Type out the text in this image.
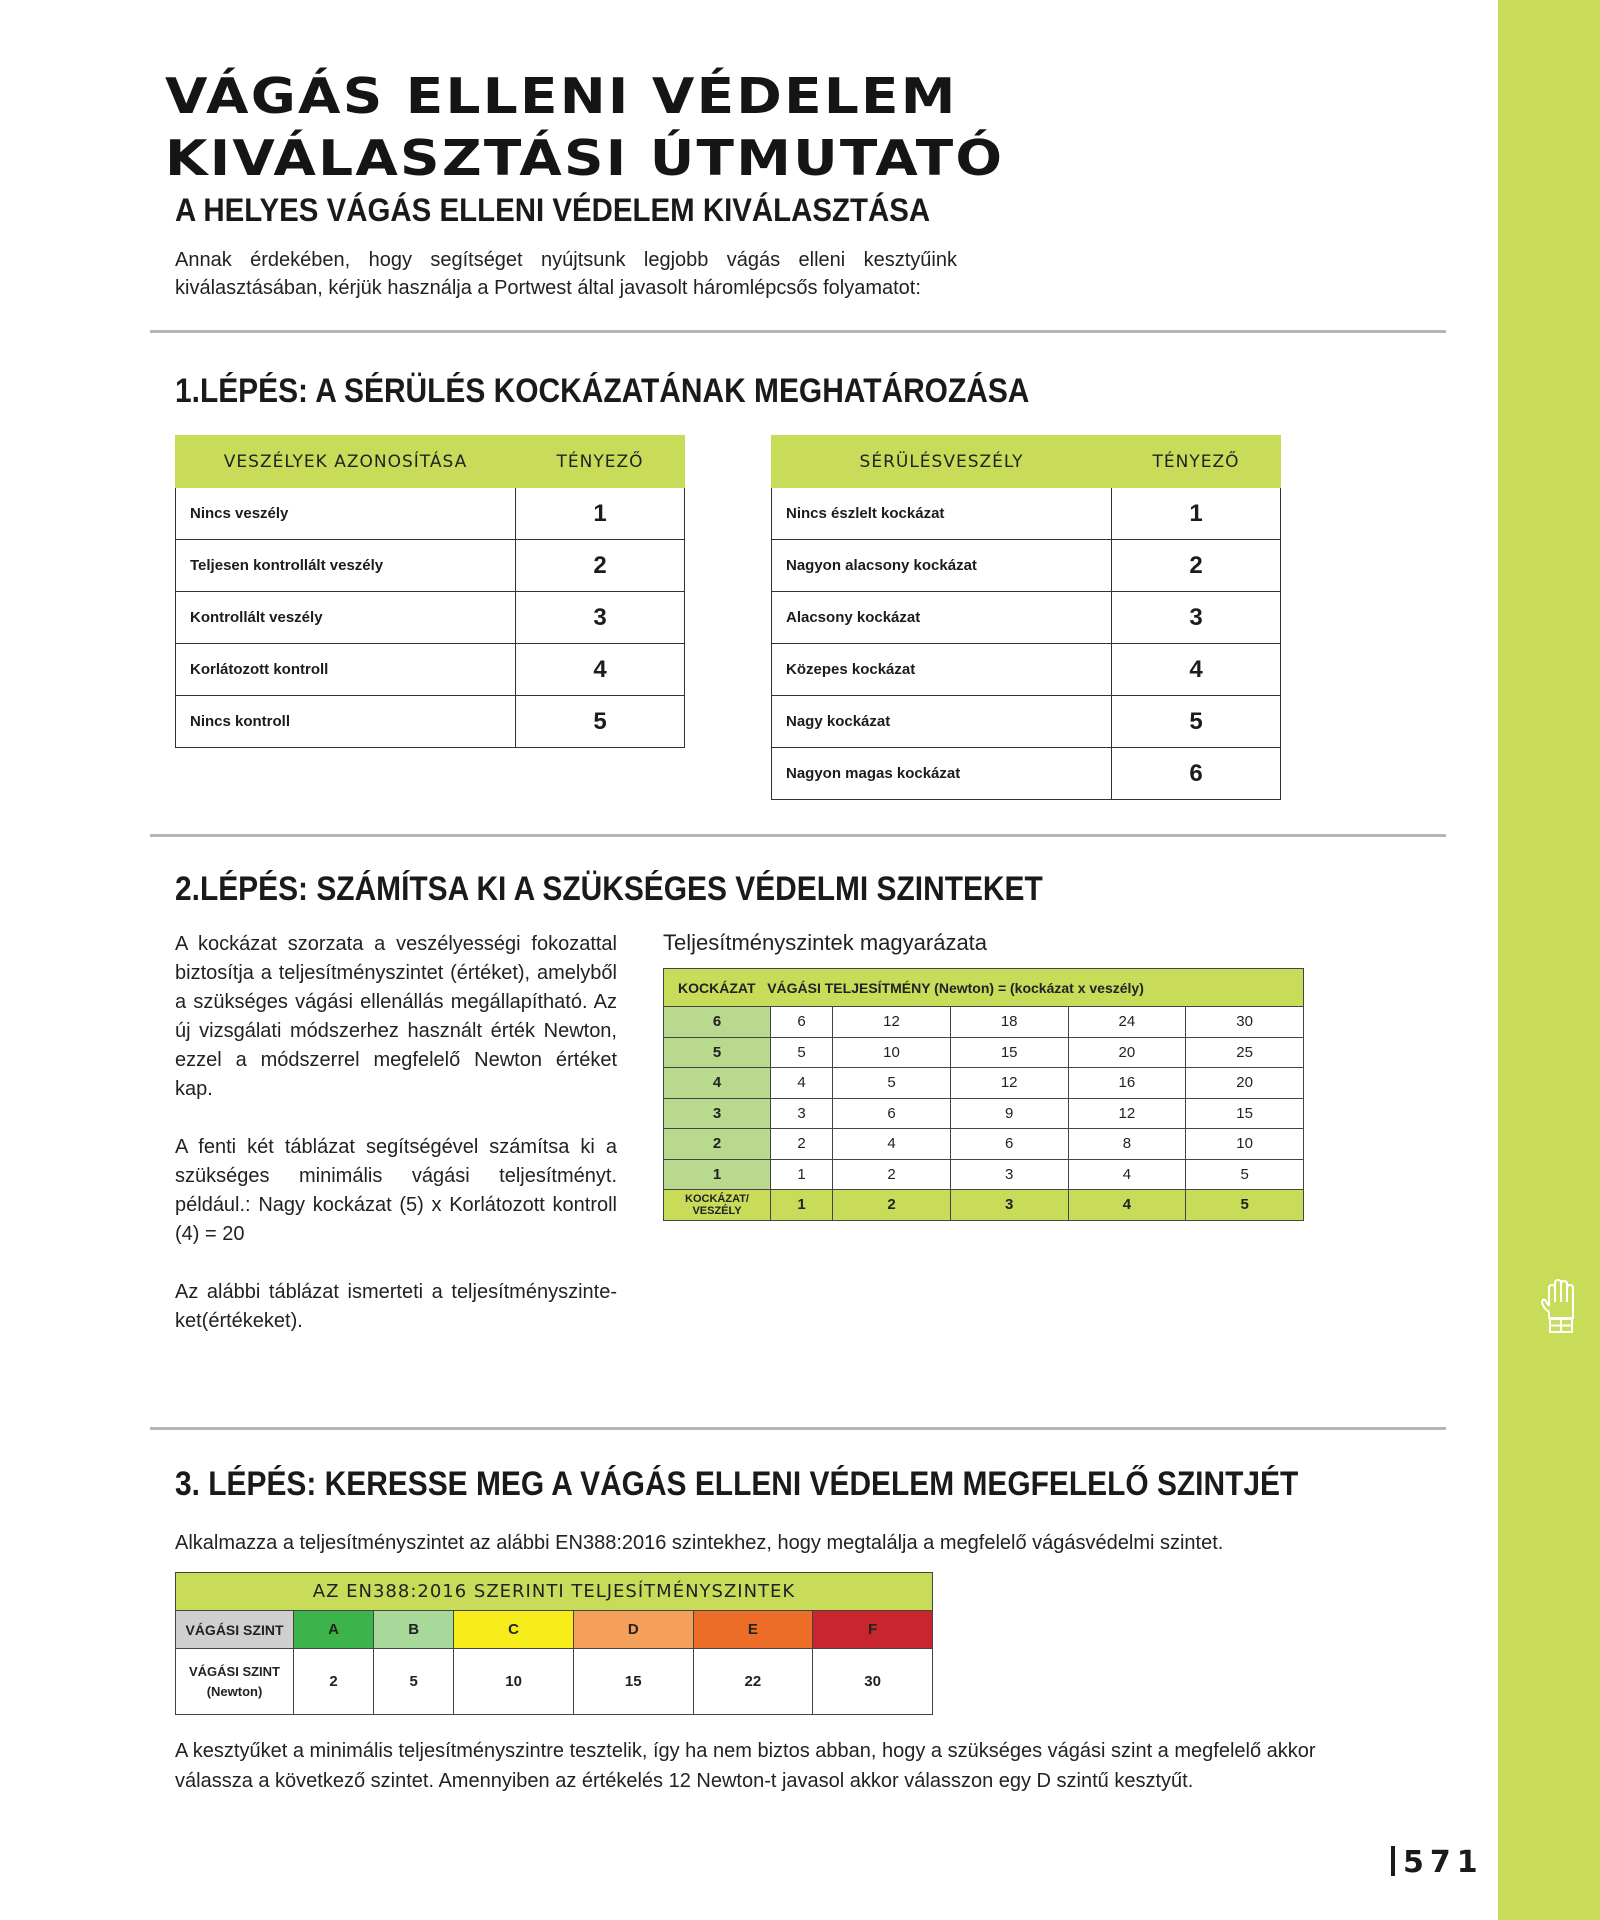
VÁGÁS ELLENI VÉDELEM
KIVÁLASZTÁSI ÚTMUTATÓ
A HELYES VÁGÁS ELLENI VÉDELEM KIVÁLASZTÁSA
Annak érdekében, hogy segítséget nyújtsunk legjobb vágás elleni kesztyűink kiválasztásában, kérjük használja a Portwest által javasolt háromlépcsős folyamatot:
1.LÉPÉS: A SÉRÜLÉS KOCKÁZATÁNAK MEGHATÁROZÁSA
VESZÉLYEK AZONOSÍTÁSA	TÉNYEZŐ
Nincs veszély	1
Teljesen kontrollált veszély	2
Kontrollált veszély	3
Korlátozott kontroll	4
Nincs kontroll	5
SÉRÜLÉSVESZÉLY	TÉNYEZŐ
Nincs észlelt kockázat	1
Nagyon alacsony kockázat	2
Alacsony kockázat	3
Közepes kockázat	4
Nagy kockázat	5
Nagyon magas kockázat	6
2.LÉPÉS: SZÁMÍTSA KI A SZÜKSÉGES VÉDELMI SZINTEKET

A kockázat szorzata a veszélyességi fokozattal biztosítja a teljesítményszintet (értéket), amelyből a szükséges vágási ellenállás megállapítható. Az új vizsgálati módszerhez használt érték Newton, ezzel a módszerrel megfelelő Newton értéket kap.

A fenti két táblázat segítségével számítsa ki a szükséges minimális vágási teljesítményt. például.: Nagy kockázat (5) x Korlátozott kontroll (4) = 20

Az alábbi táblázat ismerteti a teljesítményszinte-ket(értékeket).

Teljesítményszintek magyarázata
KOCKÁZAT VÁGÁSI TELJESÍTMÉNY (Newton) = (kockázat x veszély)					
6	6	12	18	24	30
5	5	10	15	20	25
4	4	5	12	16	20
3	3	6	9	12	15
2	2	4	6	8	10
1	1	2	3	4	5
KOCKÁZAT/
VESZÉLY	1	2	3	4	5
3. LÉPÉS: KERESSE MEG A VÁGÁS ELLENI VÉDELEM MEGFELELŐ SZINTJÉT
Alkalmazza a teljesítményszintet az alábbi EN388:2016 szintekhez, hogy megtalálja a megfelelő vágásvédelmi szintet.
AZ EN388:2016 SZERINTI TELJESÍTMÉNYSZINTEK						
VÁGÁSI SZINT	A	B	C	D	E	F
VÁGÁSI SZINT
(Newton)	2	5	10	15	22	30
A kesztyűket a minimális teljesítményszintre tesztelik, így ha nem biztos abban, hogy a szükséges vágási szint a megfelelő akkor válassza a következő szintet. Amennyiben az értékelés 12 Newton-t javasol akkor válasszon egy D szintű kesztyűt.
571
